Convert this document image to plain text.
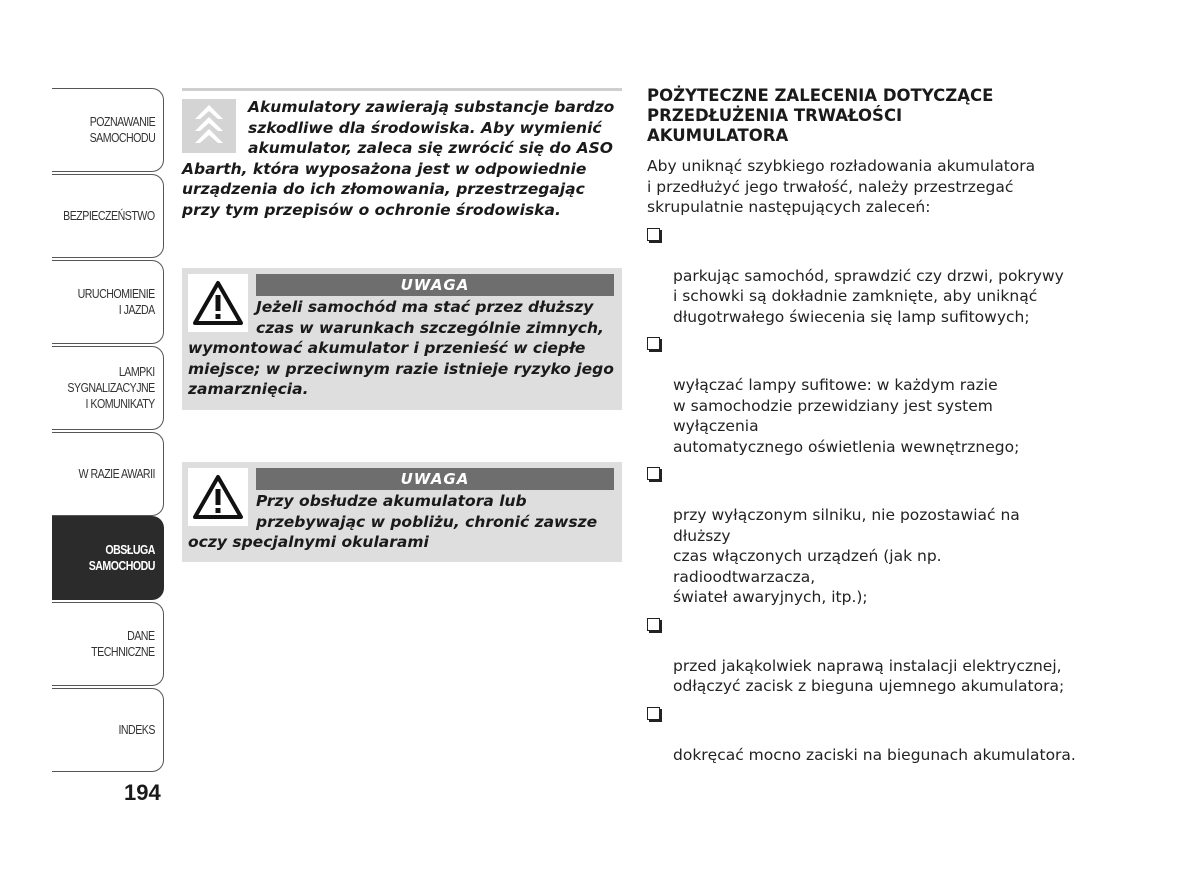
POZNAWANIE
SAMOCHODU
BEZPIECZEŃSTWO
URUCHOMIENIE
I JAZDA
LAMPKI
SYGNALIZACYJNE
I KOMUNIKATY
W RAZIE AWARII
OBSŁUGA
SAMOCHODU
DANE
TECHNICZNE
INDEKS
194
Akumulatory zawierają substancje bardzo szkodliwe dla środowiska. Aby wymienić akumulator, zaleca się zwrócić się do ASO Abarth, która wyposażona jest w odpowiednie urządzenia do ich złomowania, przestrzegając przy tym przepisów o ochronie środowiska.
UWAGA
Jeżeli samochód ma stać przez dłuższy czas w warunkach szczególnie zimnych, wymontować akumulator i przenieść w ciepłe miejsce; w przeciwnym razie istnieje ryzyko jego zamarznięcia.
UWAGA
Przy obsłudze akumulatora lub przebywając w pobliżu, chronić zawsze oczy specjalnymi okularami
POŻYTECZNE ZALECENIA DOTYCZĄCE
PRZEDŁUŻENIA TRWAŁOŚCI
AKUMULATORA

Aby uniknąć szybkiego rozładowania akumulatora
i przedłużyć jego trwałość, należy przestrzegać
skrupulatnie następujących zaleceń:

parkując samochód, sprawdzić czy drzwi, pokrywy
i schowki są dokładnie zamknięte, aby uniknąć
długotrwałego świecenia się lamp sufitowych;

wyłączać lampy sufitowe: w każdym razie
w samochodzie przewidziany jest system wyłączenia
automatycznego oświetlenia wewnętrznego;

przy wyłączonym silniku, nie pozostawiać na dłuższy
czas włączonych urządzeń (jak np. radioodtwarzacza,
świateł awaryjnych, itp.);

przed jakąkolwiek naprawą instalacji elektrycznej,
odłączyć zacisk z bieguna ujemnego akumulatora;

dokręcać mocno zaciski na biegunach akumulatora.
